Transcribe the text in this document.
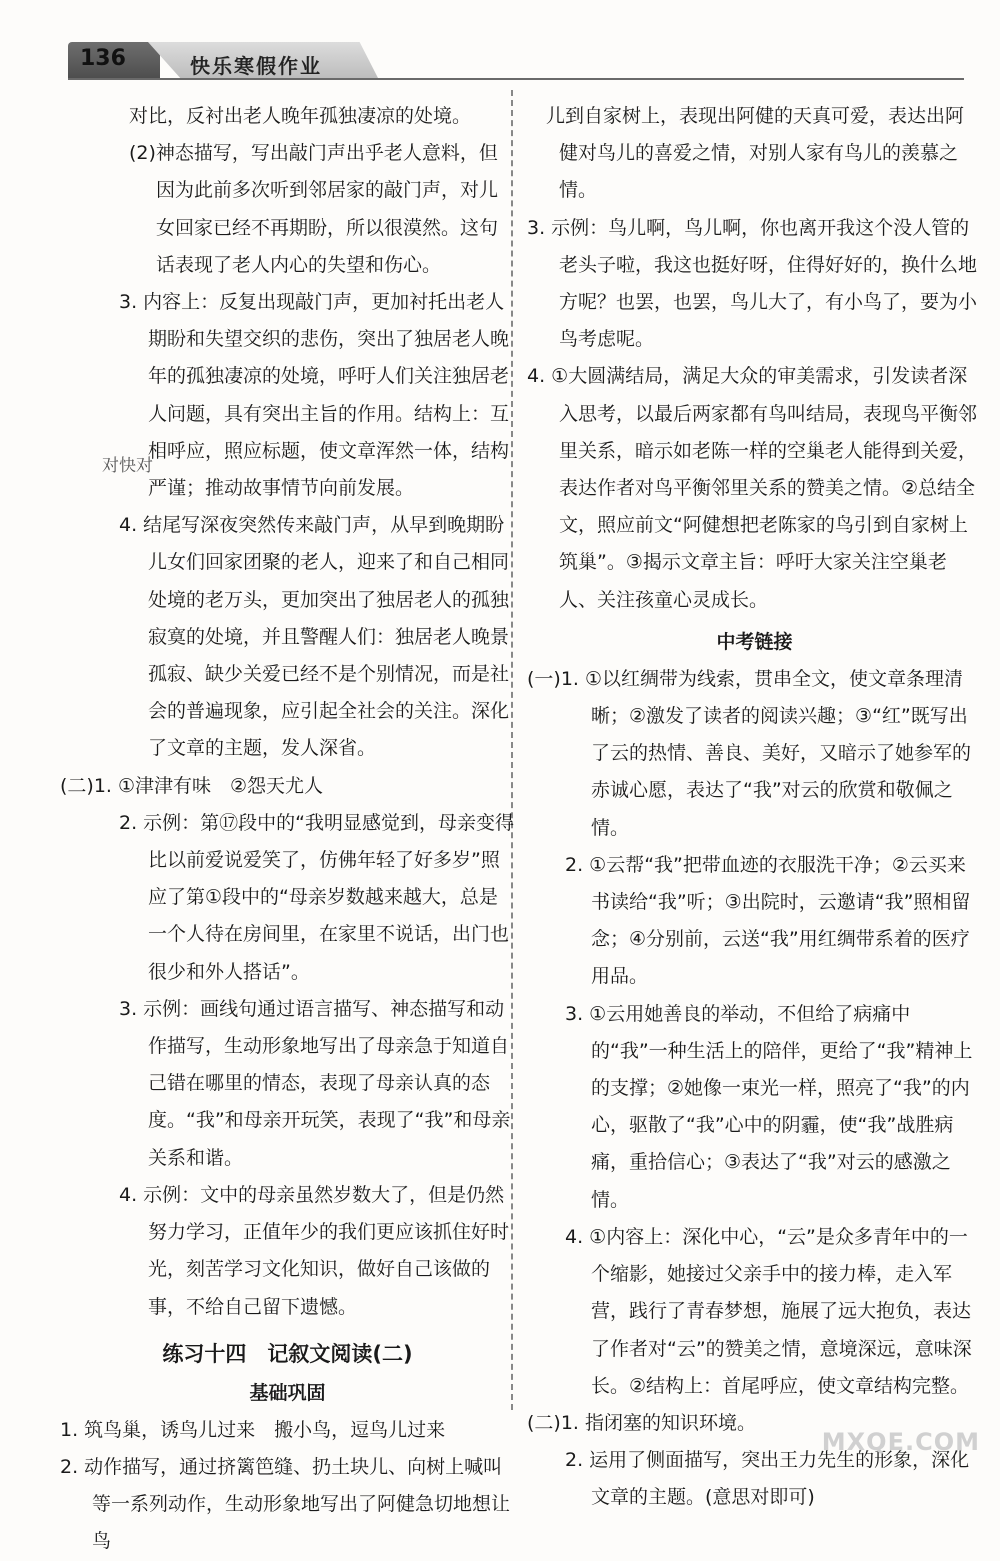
136	快乐寒假作业

对比，反衬出老人晚年孤独凄凉的处境。

(2)神态描写，写出敲门声出乎老人意料，但因为此前多次听到邻居家的敲门声，对儿女回家已经不再期盼，所以很漠然。这句话表现了老人内心的失望和伤心。

3. 内容上：反复出现敲门声，更加衬托出老人期盼和失望交织的悲伤，突出了独居老人晚年的孤独凄凉的处境，呼吁人们关注独居老人问题，具有突出主旨的作用。结构上：互相呼应，照应标题，使文章浑然一体，结构严谨；推动故事情节向前发展。

4. 结尾写深夜突然传来敲门声，从早到晚期盼儿女们回家团聚的老人，迎来了和自己相同处境的老万头，更加突出了独居老人的孤独寂寞的处境，并且警醒人们：独居老人晚景孤寂、缺少关爱已经不是个别情况，而是社会的普遍现象，应引起全社会的关注。深化了文章的主题，发人深省。

(二)1. ①津津有味　②怨天尤人

2. 示例：第⑰段中的“我明显感觉到，母亲变得比以前爱说爱笑了，仿佛年轻了好多岁”照应了第①段中的“母亲岁数越来越大，总是一个人待在房间里，在家里不说话，出门也很少和外人搭话”。

3. 示例：画线句通过语言描写、神态描写和动作描写，生动形象地写出了母亲急于知道自己错在哪里的情态，表现了母亲认真的态度。“我”和母亲开玩笑，表现了“我”和母亲关系和谐。

4. 示例：文中的母亲虽然岁数大了，但是仍然努力学习，正值年少的我们更应该抓住好时光，刻苦学习文化知识，做好自己该做的事，不给自己留下遗憾。

练习十四　记叙文阅读(二)
基础巩固

1. 筑鸟巢，诱鸟儿过来　搬小鸟，逗鸟儿过来

2. 动作描写，通过挤篱笆缝、扔土块儿、向树上喊叫等一系列动作，生动形象地写出了阿健急切地想让鸟

对快对

　儿到自家树上，表现出阿健的天真可爱，表达出阿健对鸟儿的喜爱之情，对别人家有鸟儿的羡慕之情。

3. 示例：鸟儿啊，鸟儿啊，你也离开我这个没人管的老头子啦，我这也挺好呀，住得好好的，换什么地方呢？也罢，也罢，鸟儿大了，有小鸟了，要为小鸟考虑呢。

4. ①大圆满结局，满足大众的审美需求，引发读者深入思考，以最后两家都有鸟叫结局，表现鸟平衡邻里关系，暗示如老陈一样的空巢老人能得到关爱，表达作者对鸟平衡邻里关系的赞美之情。②总结全文，照应前文“阿健想把老陈家的鸟引到自家树上筑巢”。③揭示文章主旨：呼吁大家关注空巢老人、关注孩童心灵成长。

中考链接

(一)1. ①以红绸带为线索，贯串全文，使文章条理清晰；②激发了读者的阅读兴趣；③“红”既写出了云的热情、善良、美好，又暗示了她参军的赤诚心愿，表达了“我”对云的欣赏和敬佩之情。

2. ①云帮“我”把带血迹的衣服洗干净；②云买来书读给“我”听；③出院时，云邀请“我”照相留念；④分别前，云送“我”用红绸带系着的医疗用品。

3. ①云用她善良的举动，不但给了病痛中的“我”一种生活上的陪伴，更给了“我”精神上的支撑；②她像一束光一样，照亮了“我”的内心，驱散了“我”心中的阴霾，使“我”战胜病痛，重拾信心；③表达了“我”对云的感激之情。

4. ①内容上：深化中心，“云”是众多青年中的一个缩影，她接过父亲手中的接力棒，走入军营，践行了青春梦想，施展了远大抱负，表达了作者对“云”的赞美之情，意境深远，意味深长。②结构上：首尾呼应，使文章结构完整。

(二)1. 指闭塞的知识环境。

2. 运用了侧面描写，突出王力先生的形象，深化文章的主题。(意思对即可)

MXQE.COM
